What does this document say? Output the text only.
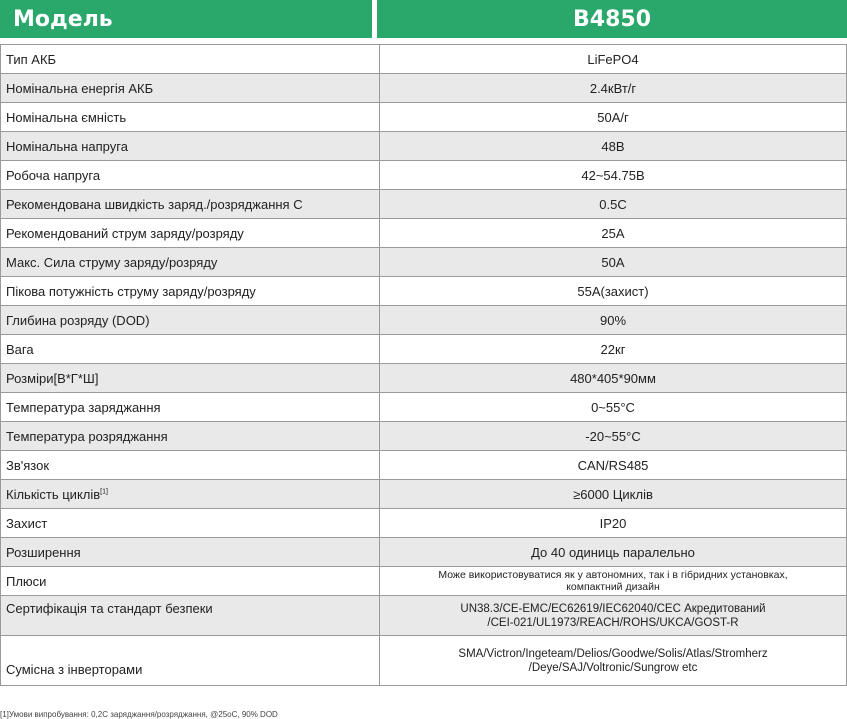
Модель	B4850
Тип АКБ	LiFePO4
Номінальна енергія АКБ	2.4кВт/г
Номінальна ємність	50А/г
Номінальна напруга	48В
Робоча напруга	42~54.75В
Рекомендована швидкість заряд./розряджання C	0.5C
Рекомендований струм заряду/розряду	25А
Макс. Сила струму заряду/розряду	50А
Пікова потужність струму заряду/розряду	55А(захист)
Глибина розряду (DOD)	90%
Вага	22кг
Розміри[В*Г*Ш]	480*405*90мм
Температура заряджання	0~55°C
Температура розряджання	-20~55°C
Зв'язок	CAN/RS485
Кількість циклів[1]	≥6000 Циклів
Захист	IP20
Розширення	До 40 одиниць паралельно
Плюси	Може використовуватися як у автономних, так і в гібридних установках,
компактний дизайн

Сертифікація та стандарт безпеки	UN38.3/CE-EMC/EC62619/IEC62040/CEC Акредитований
/CEI-021/UL1973/REACH/ROHS/UKCA/GOST-R

Сумісна з інверторами	SMA/Victron/Ingeteam/Delios/Goodwe/Solis/Atlas/Stromherz
/Deye/SAJ/Voltronic/Sungrow etc
[1]Умови випробування: 0,2С заряджання/розряджання, @25oC, 90% DOD
